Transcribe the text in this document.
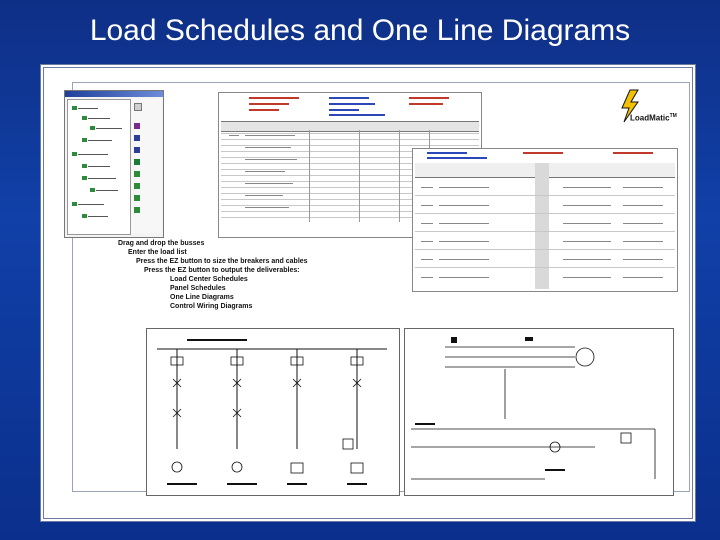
Load Schedules and One Line Diagrams
LoadMatic™
Drag and drop the busses
Enter the load list
Press the EZ button to size the breakers and cables
Press the EZ button to output the deliverables:
Load Center Schedules
Panel Schedules
One Line Diagrams
Control Wiring Diagrams
